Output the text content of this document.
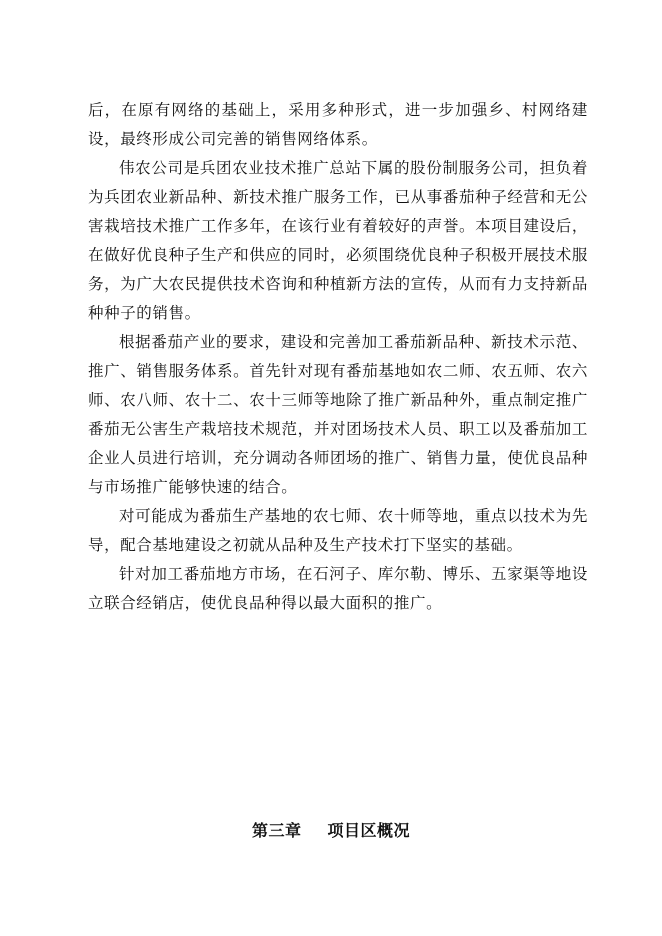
后，在原有网络的基础上，采用多种形式，进一步加强乡、村网络建设，最终形成公司完善的销售网络体系。

伟农公司是兵团农业技术推广总站下属的股份制服务公司，担负着为兵团农业新品种、新技术推广服务工作，已从事番茄种子经营和无公害栽培技术推广工作多年，在该行业有着较好的声誉。本项目建设后，在做好优良种子生产和供应的同时，必须围绕优良种子积极开展技术服务，为广大农民提供技术咨询和种植新方法的宣传，从而有力支持新品种种子的销售。

根据番茄产业的要求，建设和完善加工番茄新品种、新技术示范、推广、销售服务体系。首先针对现有番茄基地如农二师、农五师、农六师、农八师、农十二、农十三师等地除了推广新品种外，重点制定推广番茄无公害生产栽培技术规范，并对团场技术人员、职工以及番茄加工企业人员进行培训，充分调动各师团场的推广、销售力量，使优良品种与市场推广能够快速的结合。

对可能成为番茄生产基地的农七师、农十师等地，重点以技术为先导，配合基地建设之初就从品种及生产技术打下坚实的基础。

针对加工番茄地方市场，在石河子、库尔勒、博乐、五家渠等地设立联合经销店，使优良品种得以最大面积的推广。

第三章 项目区概况
